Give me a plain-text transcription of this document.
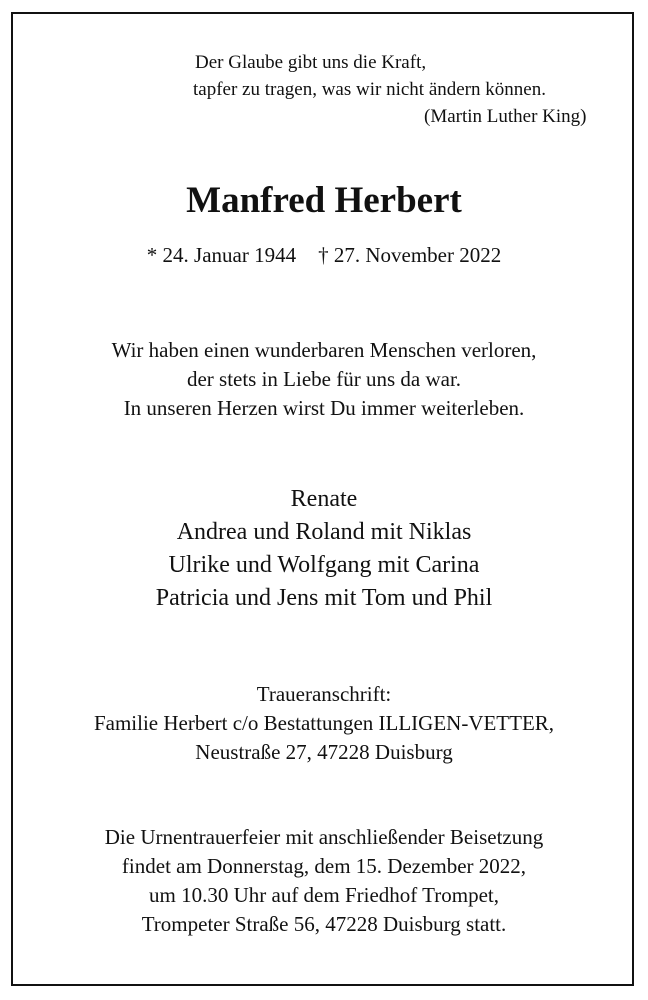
Der Glaube gibt uns die Kraft,
tapfer zu tragen, was wir nicht ändern können.
(Martin Luther King)
Manfred Herbert
* 24. Januar 1944 † 27. November 2022
Wir haben einen wunderbaren Menschen verloren,
der stets in Liebe für uns da war.
In unseren Herzen wirst Du immer weiterleben.
Renate
Andrea und Roland mit Niklas
Ulrike und Wolfgang mit Carina
Patricia und Jens mit Tom und Phil
Traueranschrift:
Familie Herbert c/o Bestattungen ILLIGEN-VETTER,
Neustraße 27, 47228 Duisburg
Die Urnentrauerfeier mit anschließender Beisetzung
findet am Donnerstag, dem 15. Dezember 2022,
um 10.30 Uhr auf dem Friedhof Trompet,
Trompeter Straße 56, 47228 Duisburg statt.
